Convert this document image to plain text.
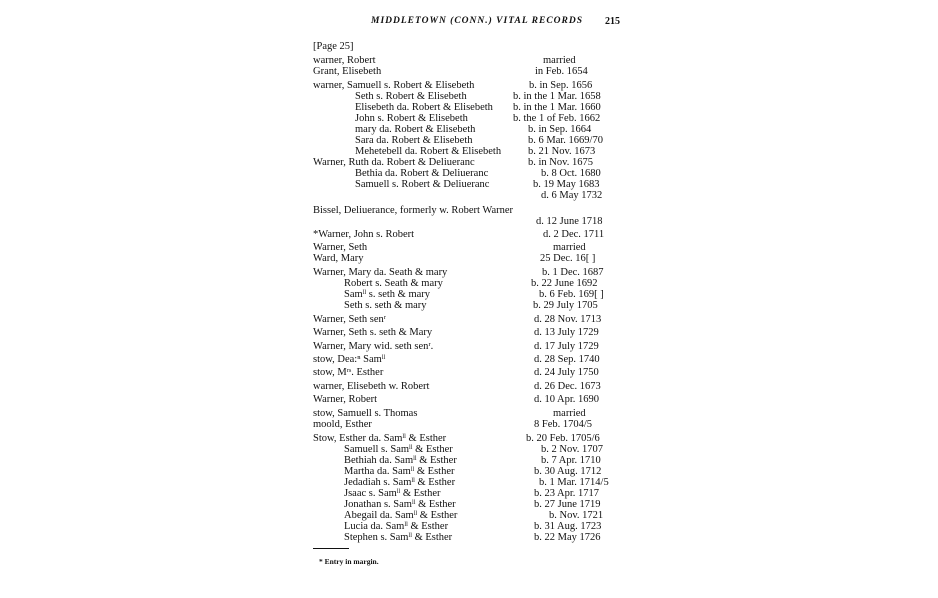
MIDDLETOWN (CONN.) VITAL RECORDS 215
[Page 25]
warner, Robert	married
Grant, Elisebeth	in Feb. 1654
warner, Samuell s. Robert & Elisebeth	b. in Sep. 1656
Seth s. Robert & Elisebeth	b. in the 1 Mar. 1658
Elisebeth da. Robert & Elisebeth b. in the 1 Mar. 1660
John s. Robert & Elisebeth	b. the 1 of Feb. 1662
mary da. Robert & Elisebeth	b. in Sep. 1664
Sara da. Robert & Elisebeth	b. 6 Mar. 1669/70
Mehetebell da. Robert & Elisebeth	b. 21 Nov. 1673
Warner, Ruth da. Robert & Deliueranc	b. in Nov. 1675
Bethia da. Robert & Deliueranc	b. 8 Oct. 1680
Samuell s. Robert & Deliueranc	b. 19 May 1683
d. 6 May 1732
Bissel, Deliuerance, formerly w. Robert Warner
d. 12 June 1718
*Warner, John s. Robert	d. 2 Dec. 1711
Warner, Seth	married
Ward, Mary	25 Dec. 16[ ]
Warner, Mary da. Seath & mary	b. 1 Dec. 1687
Robert s. Seath & mary	b. 22 June 1692
Samˡˡ s. seth & mary	b. 6 Feb. 169[ ]
Seth s. seth & mary	b. 29 July 1705
Warner, Seth senʳ	d. 28 Nov. 1713
Warner, Seth s. seth & Mary	d. 13 July 1729
Warner, Mary wid. seth senʳ.	d. 17 July 1729
stow, Dea:ⁿ Samˡˡ	d. 28 Sep. 1740
stow, Mʳˢ. Esther	d. 24 July 1750
warner, Elisebeth w. Robert	d. 26 Dec. 1673
Warner, Robert	d. 10 Apr. 1690
stow, Samuell s. Thomas	married
moold, Esther	8 Feb. 1704/5
Stow, Esther da. Samˡˡ & Esther	b. 20 Feb. 1705/6
Samuell s. Samˡˡ & Esther	b. 2 Nov. 1707
Bethiah da. Samˡˡ & Esther	b. 7 Apr. 1710
Martha da. Samˡˡ & Esther	b. 30 Aug. 1712
Jedadiah s. Samˡˡ & Esther	b. 1 Mar. 1714/5
Jsaac s. Samˡˡ & Esther	b. 23 Apr. 1717
Jonathan s. Samˡˡ & Esther	b. 27 June 1719
Abegail da. Samˡˡ & Esther	b. Nov. 1721
Lucia da. Samˡˡ & Esther	b. 31 Aug. 1723
Stephen s. Samˡˡ & Esther	b. 22 May 1726
* Entry in margin.
